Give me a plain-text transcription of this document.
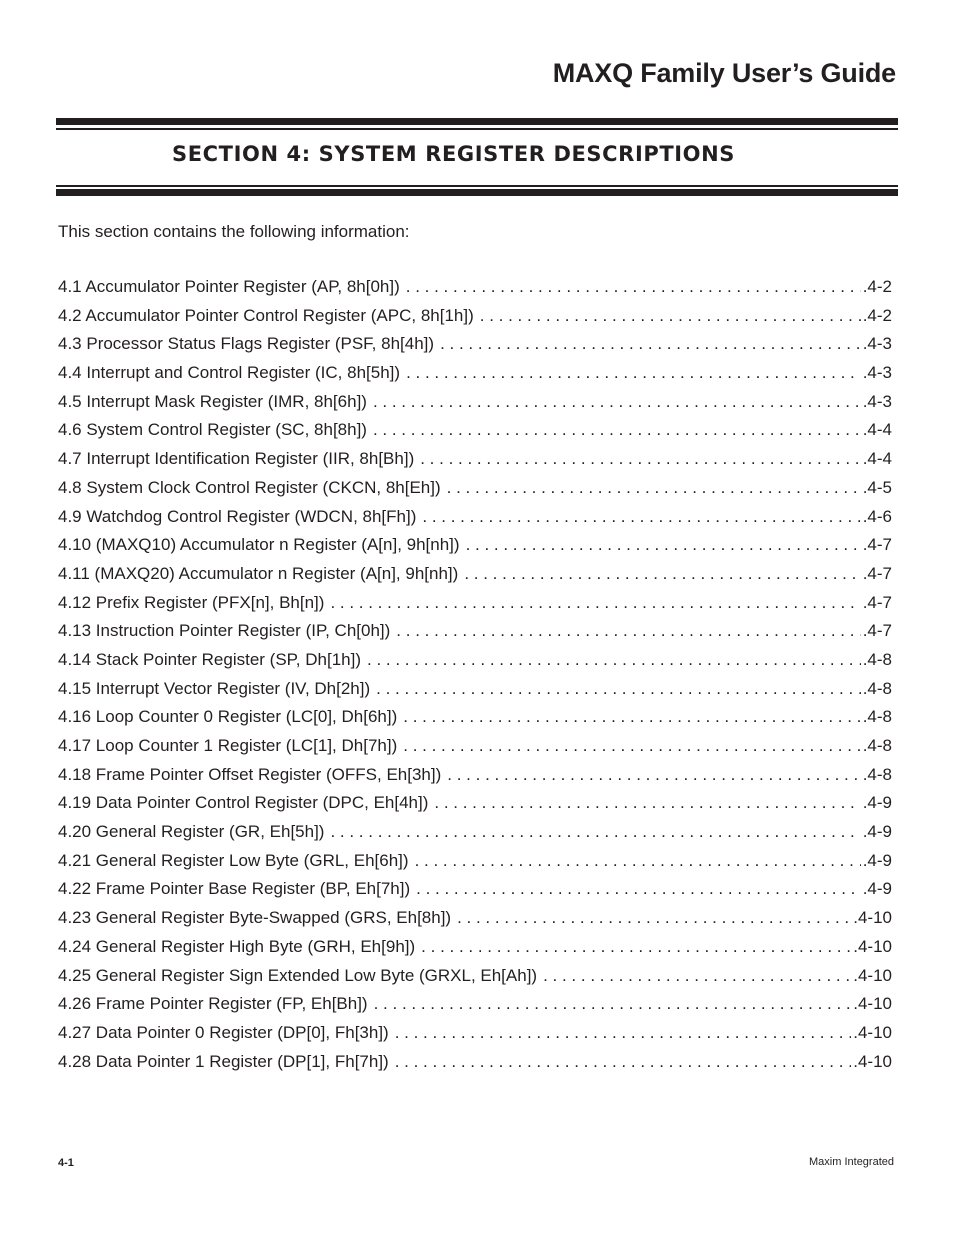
MAXQ Family User’s Guide
SECTION 4: SYSTEM REGISTER DESCRIPTIONS
This section contains the following information:
4.1 Accumulator Pointer Register (AP, 8h[0h]) . . .	.4-2
4.2 Accumulator Pointer Control Register (APC, 8h[1h]) . . .	.4-2
4.3 Processor Status Flags Register (PSF, 8h[4h]) . . .	.4-3
4.4 Interrupt and Control Register (IC, 8h[5h]) . . .	.4-3
4.5 Interrupt Mask Register (IMR, 8h[6h]) . . .	.4-3
4.6 System Control Register (SC, 8h[8h]) . . .	.4-4
4.7 Interrupt Identification Register (IIR, 8h[Bh]) . . .	.4-4
4.8 System Clock Control Register (CKCN, 8h[Eh]) . . .	.4-5
4.9 Watchdog Control Register (WDCN, 8h[Fh]) . . .	.4-6
4.10 (MAXQ10) Accumulator n Register (A[n], 9h[nh]) . . .	.4-7
4.11 (MAXQ20) Accumulator n Register (A[n], 9h[nh]) . . .	.4-7
4.12 Prefix Register (PFX[n], Bh[n]) . . .	.4-7
4.13 Instruction Pointer Register (IP, Ch[0h]) . . .	.4-7
4.14 Stack Pointer Register (SP, Dh[1h]) . . .	.4-8
4.15 Interrupt Vector Register (IV, Dh[2h]) . . .	.4-8
4.16 Loop Counter 0 Register (LC[0], Dh[6h]) . . .	.4-8
4.17 Loop Counter 1 Register (LC[1], Dh[7h]) . . .	.4-8
4.18 Frame Pointer Offset Register (OFFS, Eh[3h]) . . .	.4-8
4.19 Data Pointer Control Register (DPC, Eh[4h]) . . .	.4-9
4.20 General Register (GR, Eh[5h]) . . .	.4-9
4.21 General Register Low Byte (GRL, Eh[6h]) . . .	.4-9
4.22 Frame Pointer Base Register (BP, Eh[7h]) . . .	.4-9
4.23 General Register Byte-Swapped (GRS, Eh[8h]) . . .	.4-10
4.24 General Register High Byte (GRH, Eh[9h]) . . .	.4-10
4.25 General Register Sign Extended Low Byte (GRXL, Eh[Ah]) . . .	.4-10
4.26 Frame Pointer Register (FP, Eh[Bh]) . . .	.4-10
4.27 Data Pointer 0 Register (DP[0], Fh[3h]) . . .	.4-10
4.28 Data Pointer 1 Register (DP[1], Fh[7h]) . . .	.4-10
4-1	Maxim Integrated
